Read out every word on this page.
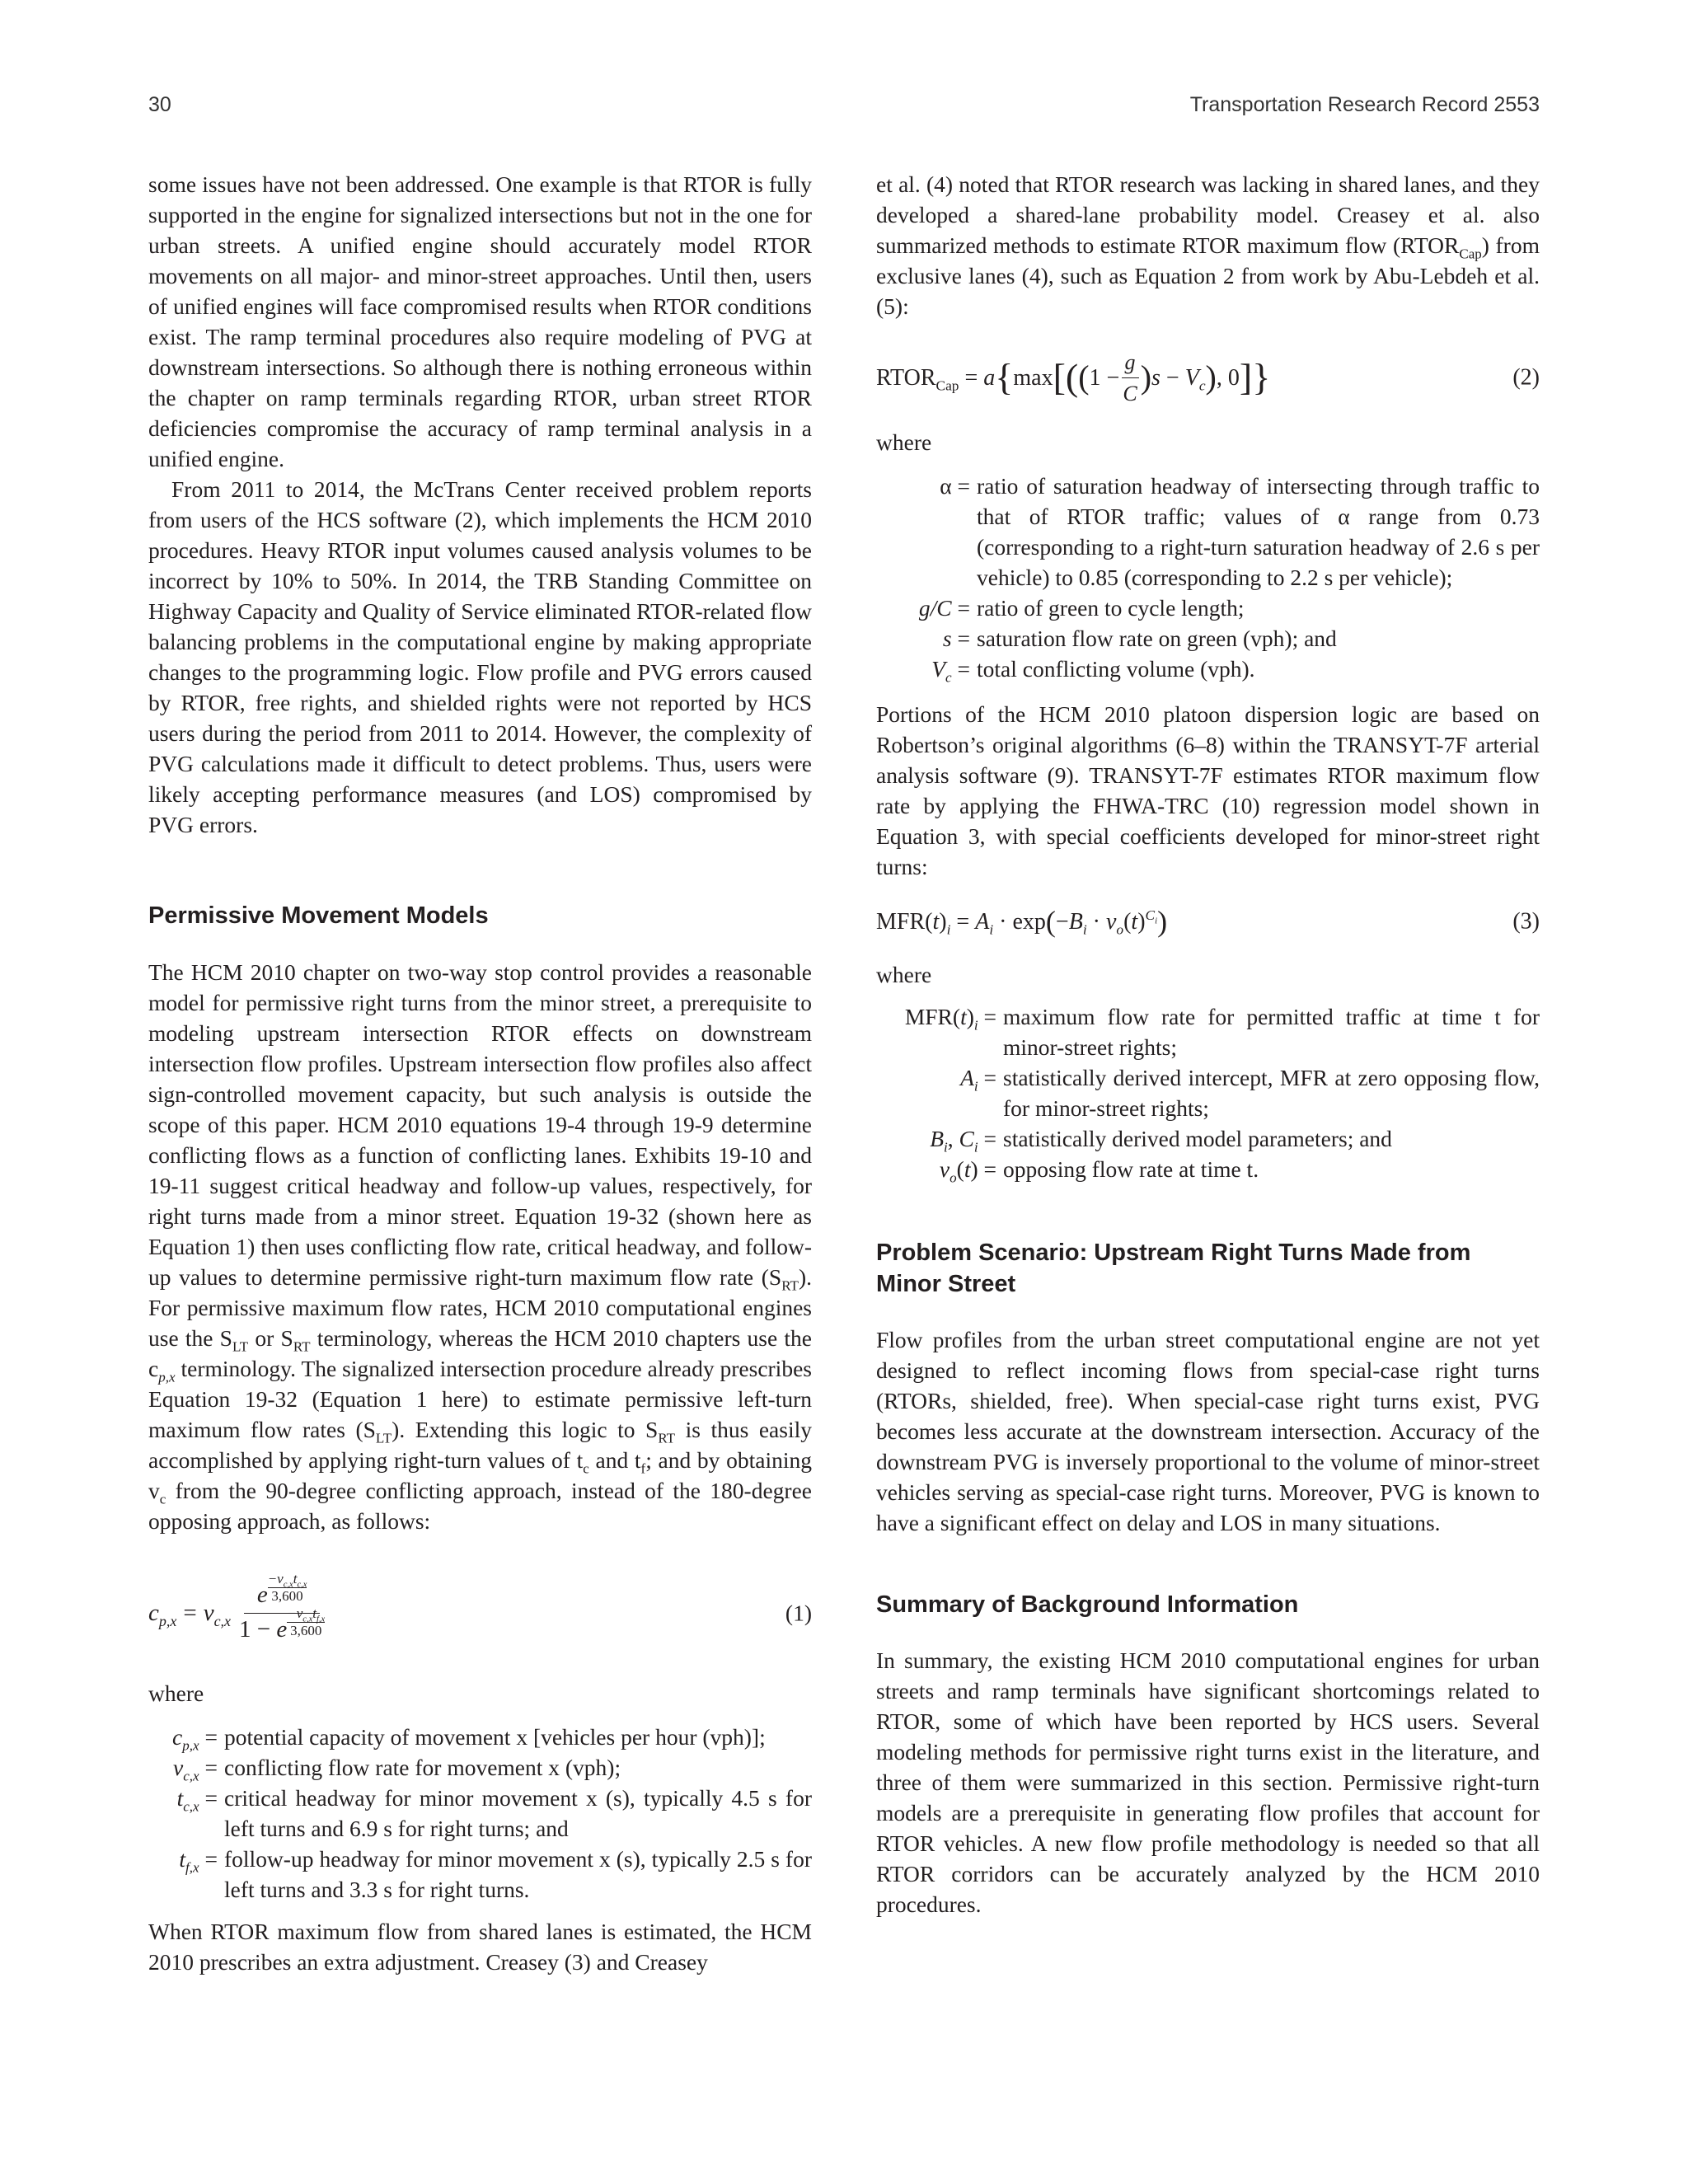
30	Transportation Research Record 2553

some issues have not been addressed. One example is that RTOR is fully supported in the engine for signalized intersections but not in the one for urban streets. A unified engine should accurately model RTOR movements on all major- and minor-street approaches. Until then, users of unified engines will face compromised results when RTOR conditions exist. The ramp terminal procedures also require modeling of PVG at downstream intersections. So although there is nothing erroneous within the chapter on ramp terminals regarding RTOR, urban street RTOR deficiencies compromise the accuracy of ramp terminal analysis in a unified engine.

From 2011 to 2014, the McTrans Center received problem reports from users of the HCS software (2), which implements the HCM 2010 procedures. Heavy RTOR input volumes caused analysis volumes to be incorrect by 10% to 50%. In 2014, the TRB Standing Committee on Highway Capacity and Quality of Service eliminated RTOR-related flow balancing problems in the computational engine by making appropriate changes to the programming logic. Flow profile and PVG errors caused by RTOR, free rights, and shielded rights were not reported by HCS users during the period from 2011 to 2014. However, the complexity of PVG calculations made it difficult to detect problems. Thus, users were likely accepting performance measures (and LOS) compromised by PVG errors.

Permissive Movement Models

The HCM 2010 chapter on two-way stop control provides a reasonable model for permissive right turns from the minor street, a prerequisite to modeling upstream intersection RTOR effects on downstream intersection flow profiles. Upstream intersection flow profiles also affect sign-controlled movement capacity, but such analysis is outside the scope of this paper. HCM 2010 equations 19-4 through 19-9 determine conflicting flows as a function of conflicting lanes. Exhibits 19-10 and 19-11 suggest critical headway and follow-up values, respectively, for right turns made from a minor street. Equation 19-32 (shown here as Equation 1) then uses conflicting flow rate, critical headway, and follow-up values to determine permissive right-turn maximum flow rate $(S_{RT})$. For permissive maximum flow rates, HCM 2010 computational engines use the $S_{LT}$ or $S_{RT}$ terminology, whereas the HCM 2010 chapters use the $c_{p,x}$ terminology. The signalized intersection procedure already prescribes Equation 19-32 (Equation 1 here) to estimate permissive left-turn maximum flow rates $(S_{LT})$. Extending this logic to $S_{RT}$ is thus easily accomplished by applying right-turn values of $t_c$ and $t_f$; and by obtaining $v_c$ from the 90-degree conflicting approach, instead of the 180-degree opposing approach, as follows:

$c_{p,x} = v_{c,x}$ e
$-v_{c,x}t_{c,x}$
3,600
1 − e
$-v_{c,x}t_{f,x}$
3,600	(1)

where

$c_{p,x}$ =	potential capacity of movement x [vehicles per hour (vph)];
$v_{c,x}$ =	conflicting flow rate for movement x (vph);
$t_{c,x}$ =	critical headway for minor movement x (s), typically 4.5 s for left turns and 6.9 s for right turns; and
$t_{f,x}$ =	follow-up headway for minor movement x (s), typically 2.5 s for left turns and 3.3 s for right turns.

When RTOR maximum flow from shared lanes is estimated, the HCM 2010 prescribes an extra adjustment. Creasey (3) and Creasey

et al. (4) noted that RTOR research was lacking in shared lanes, and they developed a shared-lane probability model. Creasey et al. also summarized methods to estimate RTOR maximum flow $(RTOR_{Cap})$ from exclusive lanes (4), such as Equation 2 from work by Abu-Lebdeh et al. (5):

$RTOR_{Cap} = a$ { max [( ( $1 - \frac{g}{C}$ ) $s - V_c$ ) , 0 ]}	(2)

where

α =	ratio of saturation headway of intersecting through traffic to that of RTOR traffic; values of α range from 0.73 (corresponding to a right-turn saturation headway of 2.6 s per vehicle) to 0.85 (corresponding to 2.2 s per vehicle);
g/C =	ratio of green to cycle length;
s =	saturation flow rate on green (vph); and
$V_c$ =	total conflicting volume (vph).

Portions of the HCM 2010 platoon dispersion logic are based on Robertson’s original algorithms (6–8) within the TRANSYT-7F arterial analysis software (9). TRANSYT-7F estimates RTOR maximum flow rate by applying the FHWA-TRC (10) regression model shown in Equation 3, with special coefficients developed for minor-street right turns:

$MFR(t)_i = A_i \cdot \exp$ ( $-B_i \cdot v_o(t)^{C_i}$ )	(3)

where

$MFR(t)_i$ =	maximum flow rate for permitted traffic at time t for minor-street rights;
$A_i$ =	statistically derived intercept, MFR at zero opposing flow, for minor-street rights;
$B_i$, $C_i$ =	statistically derived model parameters; and
$v_o(t)$ =	opposing flow rate at time t.
Problem Scenario: Upstream Right Turns Made from Minor Street

Flow profiles from the urban street computational engine are not yet designed to reflect incoming flows from special-case right turns (RTORs, shielded, free). When special-case right turns exist, PVG becomes less accurate at the downstream intersection. Accuracy of the downstream PVG is inversely proportional to the volume of minor-street vehicles serving as special-case right turns. Moreover, PVG is known to have a significant effect on delay and LOS in many situations.

Summary of Background Information

In summary, the existing HCM 2010 computational engines for urban streets and ramp terminals have significant shortcomings related to RTOR, some of which have been reported by HCS users. Several modeling methods for permissive right turns exist in the literature, and three of them were summarized in this section. Permissive right-turn models are a prerequisite in generating flow profiles that account for RTOR vehicles. A new flow profile methodology is needed so that all RTOR corridors can be accurately analyzed by the HCM 2010 procedures.
